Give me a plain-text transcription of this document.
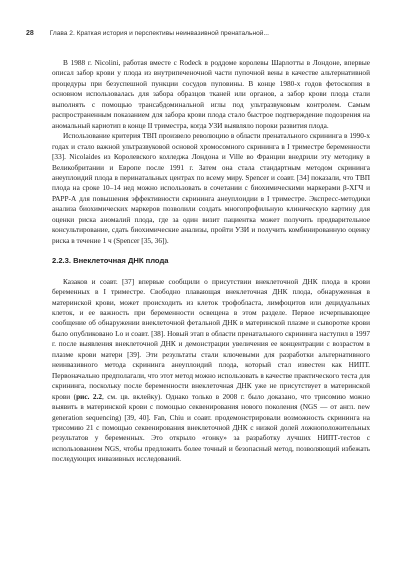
28 Глава 2. Краткая история и перспективы неинвазивной пренатальной...

В 1988 г. Nicolini, работая вместе с Rodeck в роддоме королевы Шарлотты в Лондоне, впервые описал забор крови у плода из внутрипеченочной части пупочной вены в качестве альтернативной процедуры при безуспешной пункции сосудов пуповины. В конце 1980-х годов фетоскопия в основном использовалась для забора образцов тканей или органов, а забор крови плода стали выполнять с помощью трансабдоминальной иглы под ультразвуковым контролем. Самым распространенным показанием для забора крови плода стало быстрое подтверждение подозрения на аномальный кариотип в конце II триместра, когда УЗИ выявляло пороки развития плода.

Использование критерия ТВП произвело революцию в области пренатального скрининга в 1990-х годах и стало важной ультразвуковой основой хромосомного скрининга в I триместре беременности [33]. Nicolaides из Королевского колледжа Лондона и Ville во Франции внедрили эту методику в Великобритании и Европе после 1991 г. Затем она стала стандартным методом скрининга анеуплоидий плода в перинатальных центрах по всему миру. Spencer и соавт. [34] показали, что ТВП плода на сроке 10–14 нед можно использовать в сочетании с биохимическими маркерами β-ХГЧ и РАРР-А для повышения эффективности скрининга анеуплоидии в I триместре. Экспресс-методики анализа биохимических маркеров позволили создать многопрофильную клиническую картину для оценки риска аномалий плода, где за один визит пациентка может получить предварительное консультирование, сдать биохимические анализы, пройти УЗИ и получить комбинированную оценку риска в течение 1 ч (Spencer [35, 36]).

2.2.3. Внеклеточная ДНК плода

Казаков и соавт. [37] впервые сообщили о присутствии внеклеточной ДНК плода в крови беременных в I триместре. Свободно плавающая внеклеточная ДНК плода, обнаруженная в материнской крови, может происходить из клеток трофобласта, лимфоцитов или децидуальных клеток, и ее важность при беременности освещена в этом разделе. Первое исчерпывающее сообщение об обнаружении внеклеточной фетальной ДНК в материнской плазме и сыворотке крови было опубликовано Lo и соавт. [38]. Новый этап в области пренатального скрининга наступил в 1997 г. после выявления внеклеточной ДНК и демонстрации увеличения ее концентрации с возрастом в плазме крови матери [39]. Эти результаты стали ключевыми для разработки альтернативного неинвазивного метода скрининга анеуплоидий плода, который стал известен как НИПТ. Первоначально предполагали, что этот метод можно использовать в качестве практического теста для скрининга, поскольку после беременности внеклеточная ДНК уже не присутствует в материнской крови (рис. 2.2, см. цв. вклейку). Однако только в 2008 г. было доказано, что трисомию можно выявить в материнской крови с помощью секвенирования нового поколения (NGS — от англ. new generation sequencing) [39, 40]. Fan, Chiu и соавт. продемонстрировали возможность скрининга на трисомию 21 с помощью секвенирования внеклеточной ДНК с низкой долей ложноположительных результатов у беременных. Это открыло «гонку» за разработку лучших НИПТ-тестов с использованием NGS, чтобы предложить более точный и безопасный метод, позволяющий избежать последующих инвазивных исследований.
